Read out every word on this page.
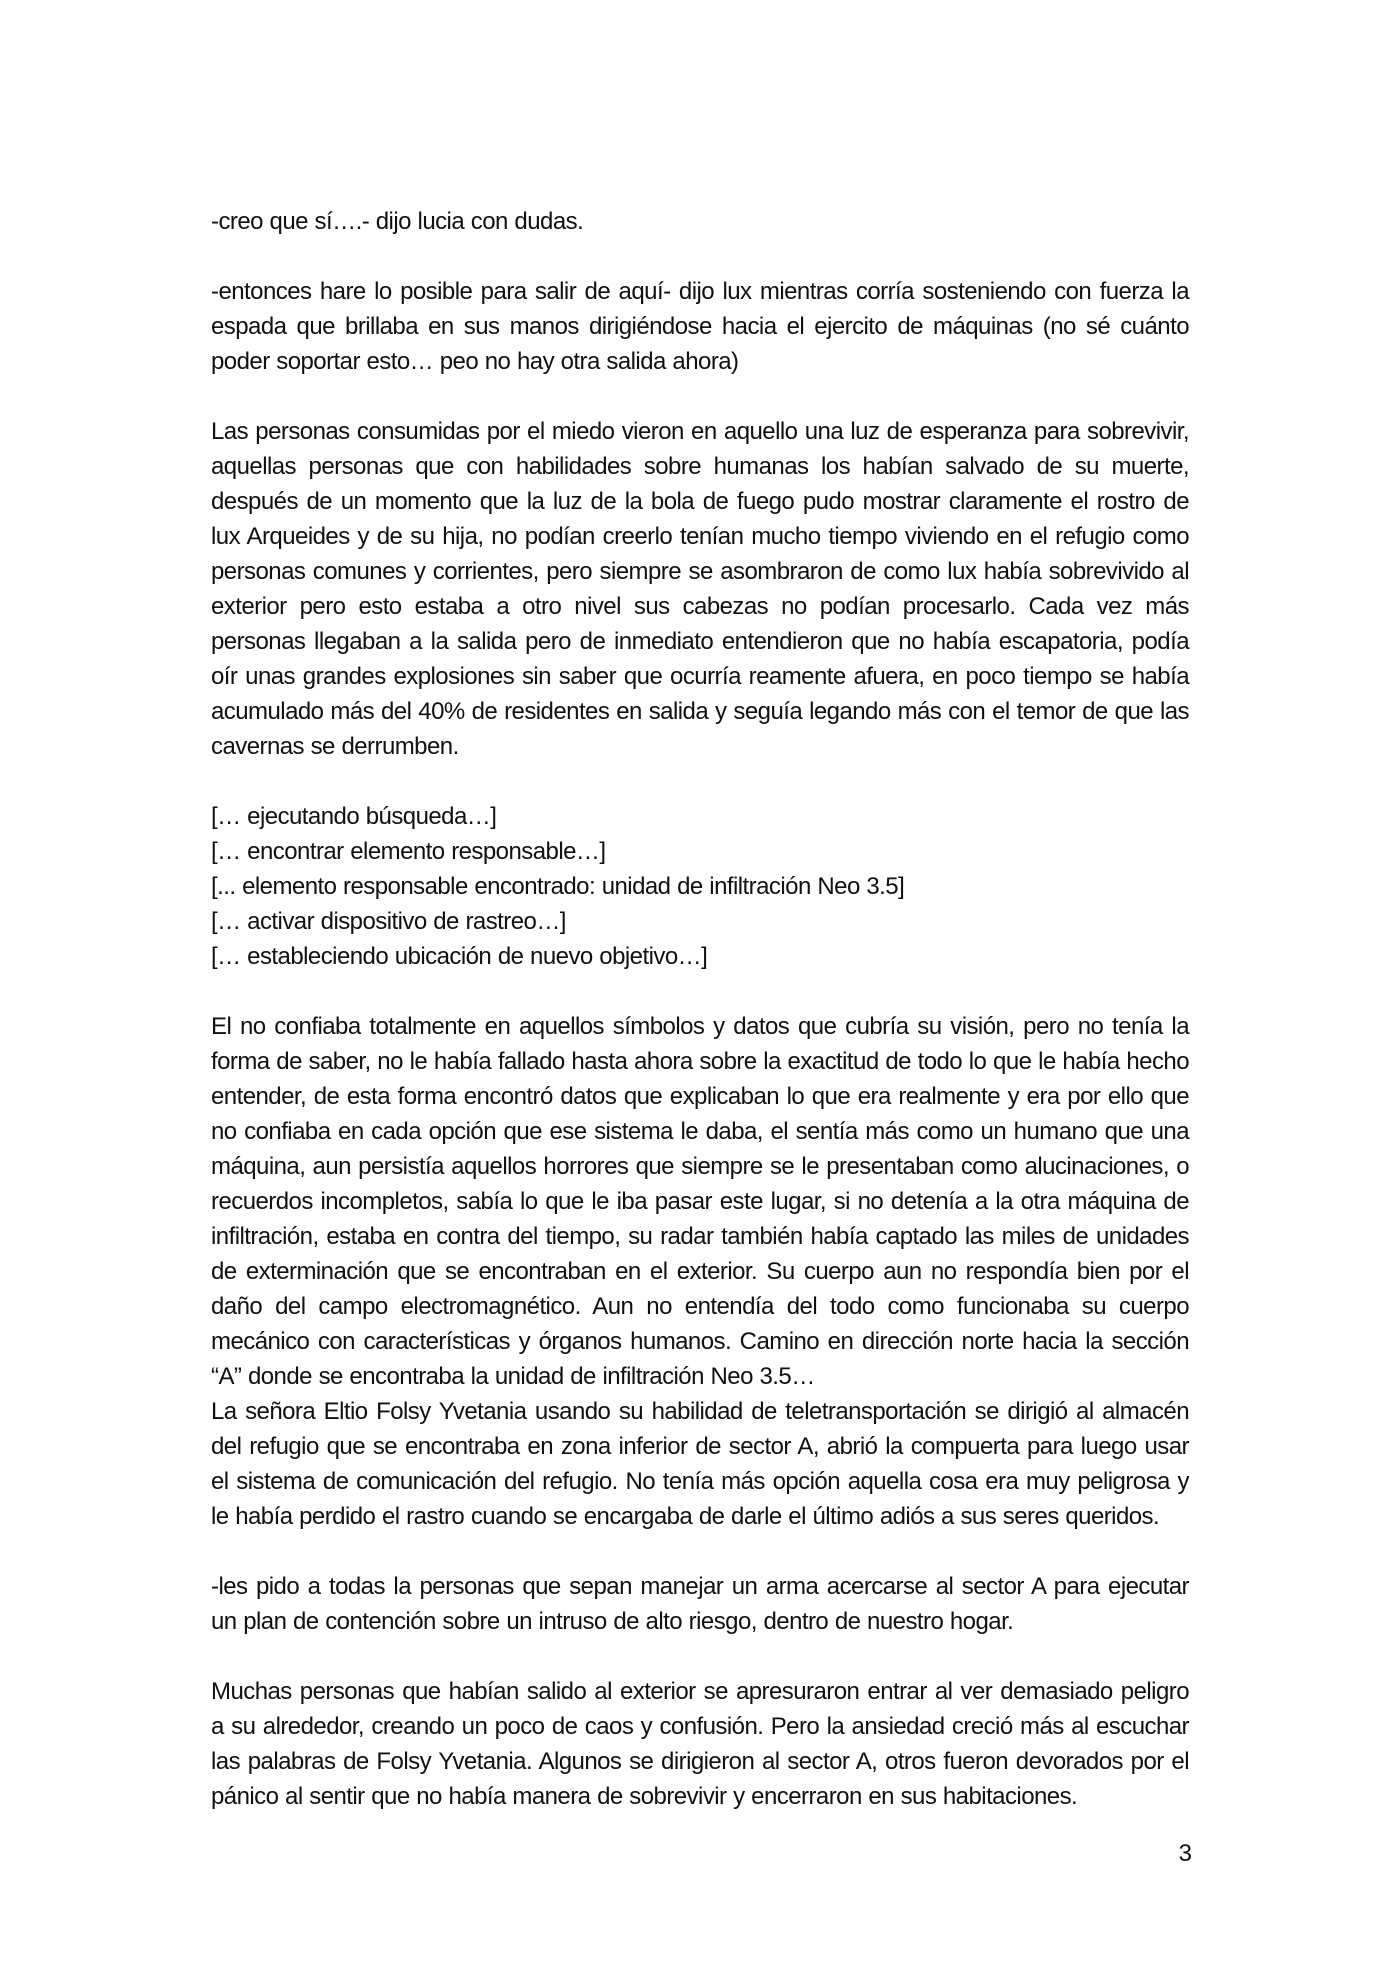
-creo que sí….- dijo lucia con dudas.

-entonces hare lo posible para salir de aquí- dijo lux mientras corría sosteniendo con fuerza la espada que brillaba en sus manos dirigiéndose hacia el ejercito de máquinas (no sé cuánto poder soportar esto… peo no hay otra salida ahora)

Las personas consumidas por el miedo vieron en aquello una luz de esperanza para sobrevivir, aquellas personas que con habilidades sobre humanas los habían salvado de su muerte, después de un momento que la luz de la bola de fuego pudo mostrar claramente el rostro de lux Arqueides y de su hija, no podían creerlo tenían mucho tiempo viviendo en el refugio como personas comunes y corrientes, pero siempre se asombraron de como lux había sobrevivido al exterior pero esto estaba a otro nivel sus cabezas no podían procesarlo. Cada vez más personas llegaban a la salida pero de inmediato entendieron que no había escapatoria, podía oír unas grandes explosiones sin saber que ocurría reamente afuera, en poco tiempo se había acumulado más del 40% de residentes en salida y seguía legando más con el temor de que las cavernas se derrumben.

[… ejecutando búsqueda…]

[… encontrar elemento responsable…]

[... elemento responsable encontrado: unidad de infiltración Neo 3.5]

[… activar dispositivo de rastreo…]

[… estableciendo ubicación de nuevo objetivo…]

El no confiaba totalmente en aquellos símbolos y datos que cubría su visión, pero no tenía la forma de saber, no le había fallado hasta ahora sobre la exactitud de todo lo que le había hecho entender, de esta forma encontró datos que explicaban lo que era realmente y era por ello que no confiaba en cada opción que ese sistema le daba, el sentía más como un humano que una máquina, aun persistía aquellos horrores que siempre se le presentaban como alucinaciones, o recuerdos incompletos, sabía lo que le iba pasar este lugar, si no detenía a la otra máquina de infiltración, estaba en contra del tiempo, su radar también había captado las miles de unidades de exterminación que se encontraban en el exterior. Su cuerpo aun no respondía bien por el daño del campo electromagnético. Aun no entendía del todo como funcionaba su cuerpo mecánico con características y órganos humanos. Camino en dirección norte hacia la sección “A” donde se encontraba la unidad de infiltración Neo 3.5…

La señora Eltio Folsy Yvetania usando su habilidad de teletransportación se dirigió al almacén del refugio que se encontraba en zona inferior de sector A, abrió la compuerta para luego usar el sistema de comunicación del refugio. No tenía más opción aquella cosa era muy peligrosa y le había perdido el rastro cuando se encargaba de darle el último adiós a sus seres queridos.

-les pido a todas la personas que sepan manejar un arma acercarse al sector A para ejecutar un plan de contención sobre un intruso de alto riesgo, dentro de nuestro hogar.

Muchas personas que habían salido al exterior se apresuraron entrar al ver demasiado peligro a su alrededor, creando un poco de caos y confusión. Pero la ansiedad creció más al escuchar las palabras de Folsy Yvetania. Algunos se dirigieron al sector A, otros fueron devorados por el pánico al sentir que no había manera de sobrevivir y encerraron en sus habitaciones.

3
